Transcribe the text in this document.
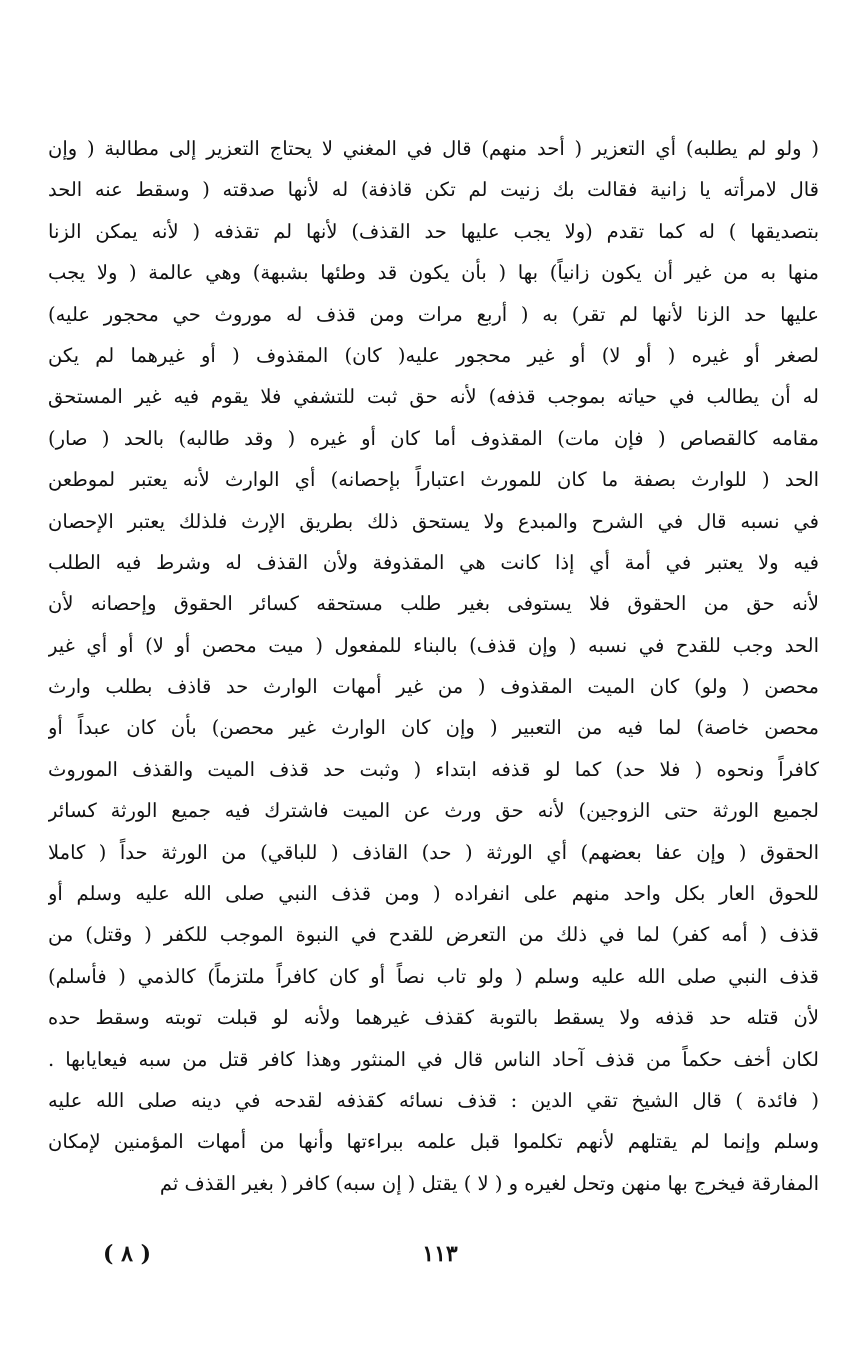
( ولو لم يطلبه) أي التعزير ( أحد منهم) قال في المغني لا يحتاج التعزير إلى مطالبة ( وإن
قال لامرأته يا زانية فقالت بك زنيت لم تكن قاذفة) له لأنها صدقته ( وسقط عنه الحد
بتصديقها ) له كما تقدم (ولا يجب عليها حد القذف) لأنها لم تقذفه ( لأنه يمكن الزنا
منها به من غير أن يكون زانياً) بها ( بأن يكون قد وطئها بشبهة) وهي عالمة ( ولا يجب
عليها حد الزنا لأنها لم تقر) به ( أربع مرات ومن قذف له موروث حي محجور عليه)
لصغر أو غيره ( أو لا) أو غير محجور عليه( كان) المقذوف ( أو غيرهما لم يكن
له أن يطالب في حياته بموجب قذفه) لأنه حق ثبت للتشفي فلا يقوم فيه غير المستحق
مقامه كالقصاص ( فإن مات) المقذوف أما كان أو غيره ( وقد طالبه) بالحد ( صار)
الحد ( للوارث بصفة ما كان للمورث اعتباراً بإحصانه) أي الوارث لأنه يعتبر لموطعن
في نسبه قال في الشرح والمبدع ولا يستحق ذلك بطريق الإرث فلذلك يعتبر الإحصان
فيه ولا يعتبر في أمة أي إذا كانت هي المقذوفة ولأن القذف له وشرط فيه الطلب
لأنه حق من الحقوق فلا يستوفى بغير طلب مستحقه كسائر الحقوق وإحصانه لأن
الحد وجب للقدح في نسبه ( وإن قذف) بالبناء للمفعول ( ميت محصن أو لا) أو أي غير
محصن ( ولو) كان الميت المقذوف ( من غير أمهات الوارث حد قاذف بطلب وارث
محصن خاصة) لما فيه من التعبير ( وإن كان الوارث غير محصن) بأن كان عبداً أو
كافراً ونحوه ( فلا حد) كما لو قذفه ابتداء ( وثبت حد قذف الميت والقذف الموروث
لجميع الورثة حتى الزوجين) لأنه حق ورث عن الميت فاشترك فيه جميع الورثة كسائر
الحقوق ( وإن عفا بعضهم) أي الورثة ( حد) القاذف ( للباقي) من الورثة حداً ( كاملا
للحوق العار بكل واحد منهم على انفراده ( ومن قذف النبي صلى الله عليه وسلم أو
قذف ( أمه كفر) لما في ذلك من التعرض للقدح في النبوة الموجب للكفر ( وقتل) من
قذف النبي صلى الله عليه وسلم ( ولو تاب نصاً أو كان كافراً ملتزماً) كالذمي ( فأسلم)
لأن قتله حد قذفه ولا يسقط بالتوبة كقذف غيرهما ولأنه لو قبلت توبته وسقط حده
لكان أخف حكماً من قذف آحاد الناس قال في المنثور وهذا كافر قتل من سبه فيعايابها .
( فائدة ) قال الشيخ تقي الدين : قذف نسائه كقذفه لقدحه في دينه صلى الله عليه
وسلم وإنما لم يقتلهم لأنهم تكلموا قبل علمه ببراءتها وأنها من أمهات المؤمنين لإمكان
المفارقة فيخرج بها منهن وتحل لغيره و ( لا ) يقتل ( إن سبه) كافر ( بغير القذف ثم
١١٣
( ٨ )
